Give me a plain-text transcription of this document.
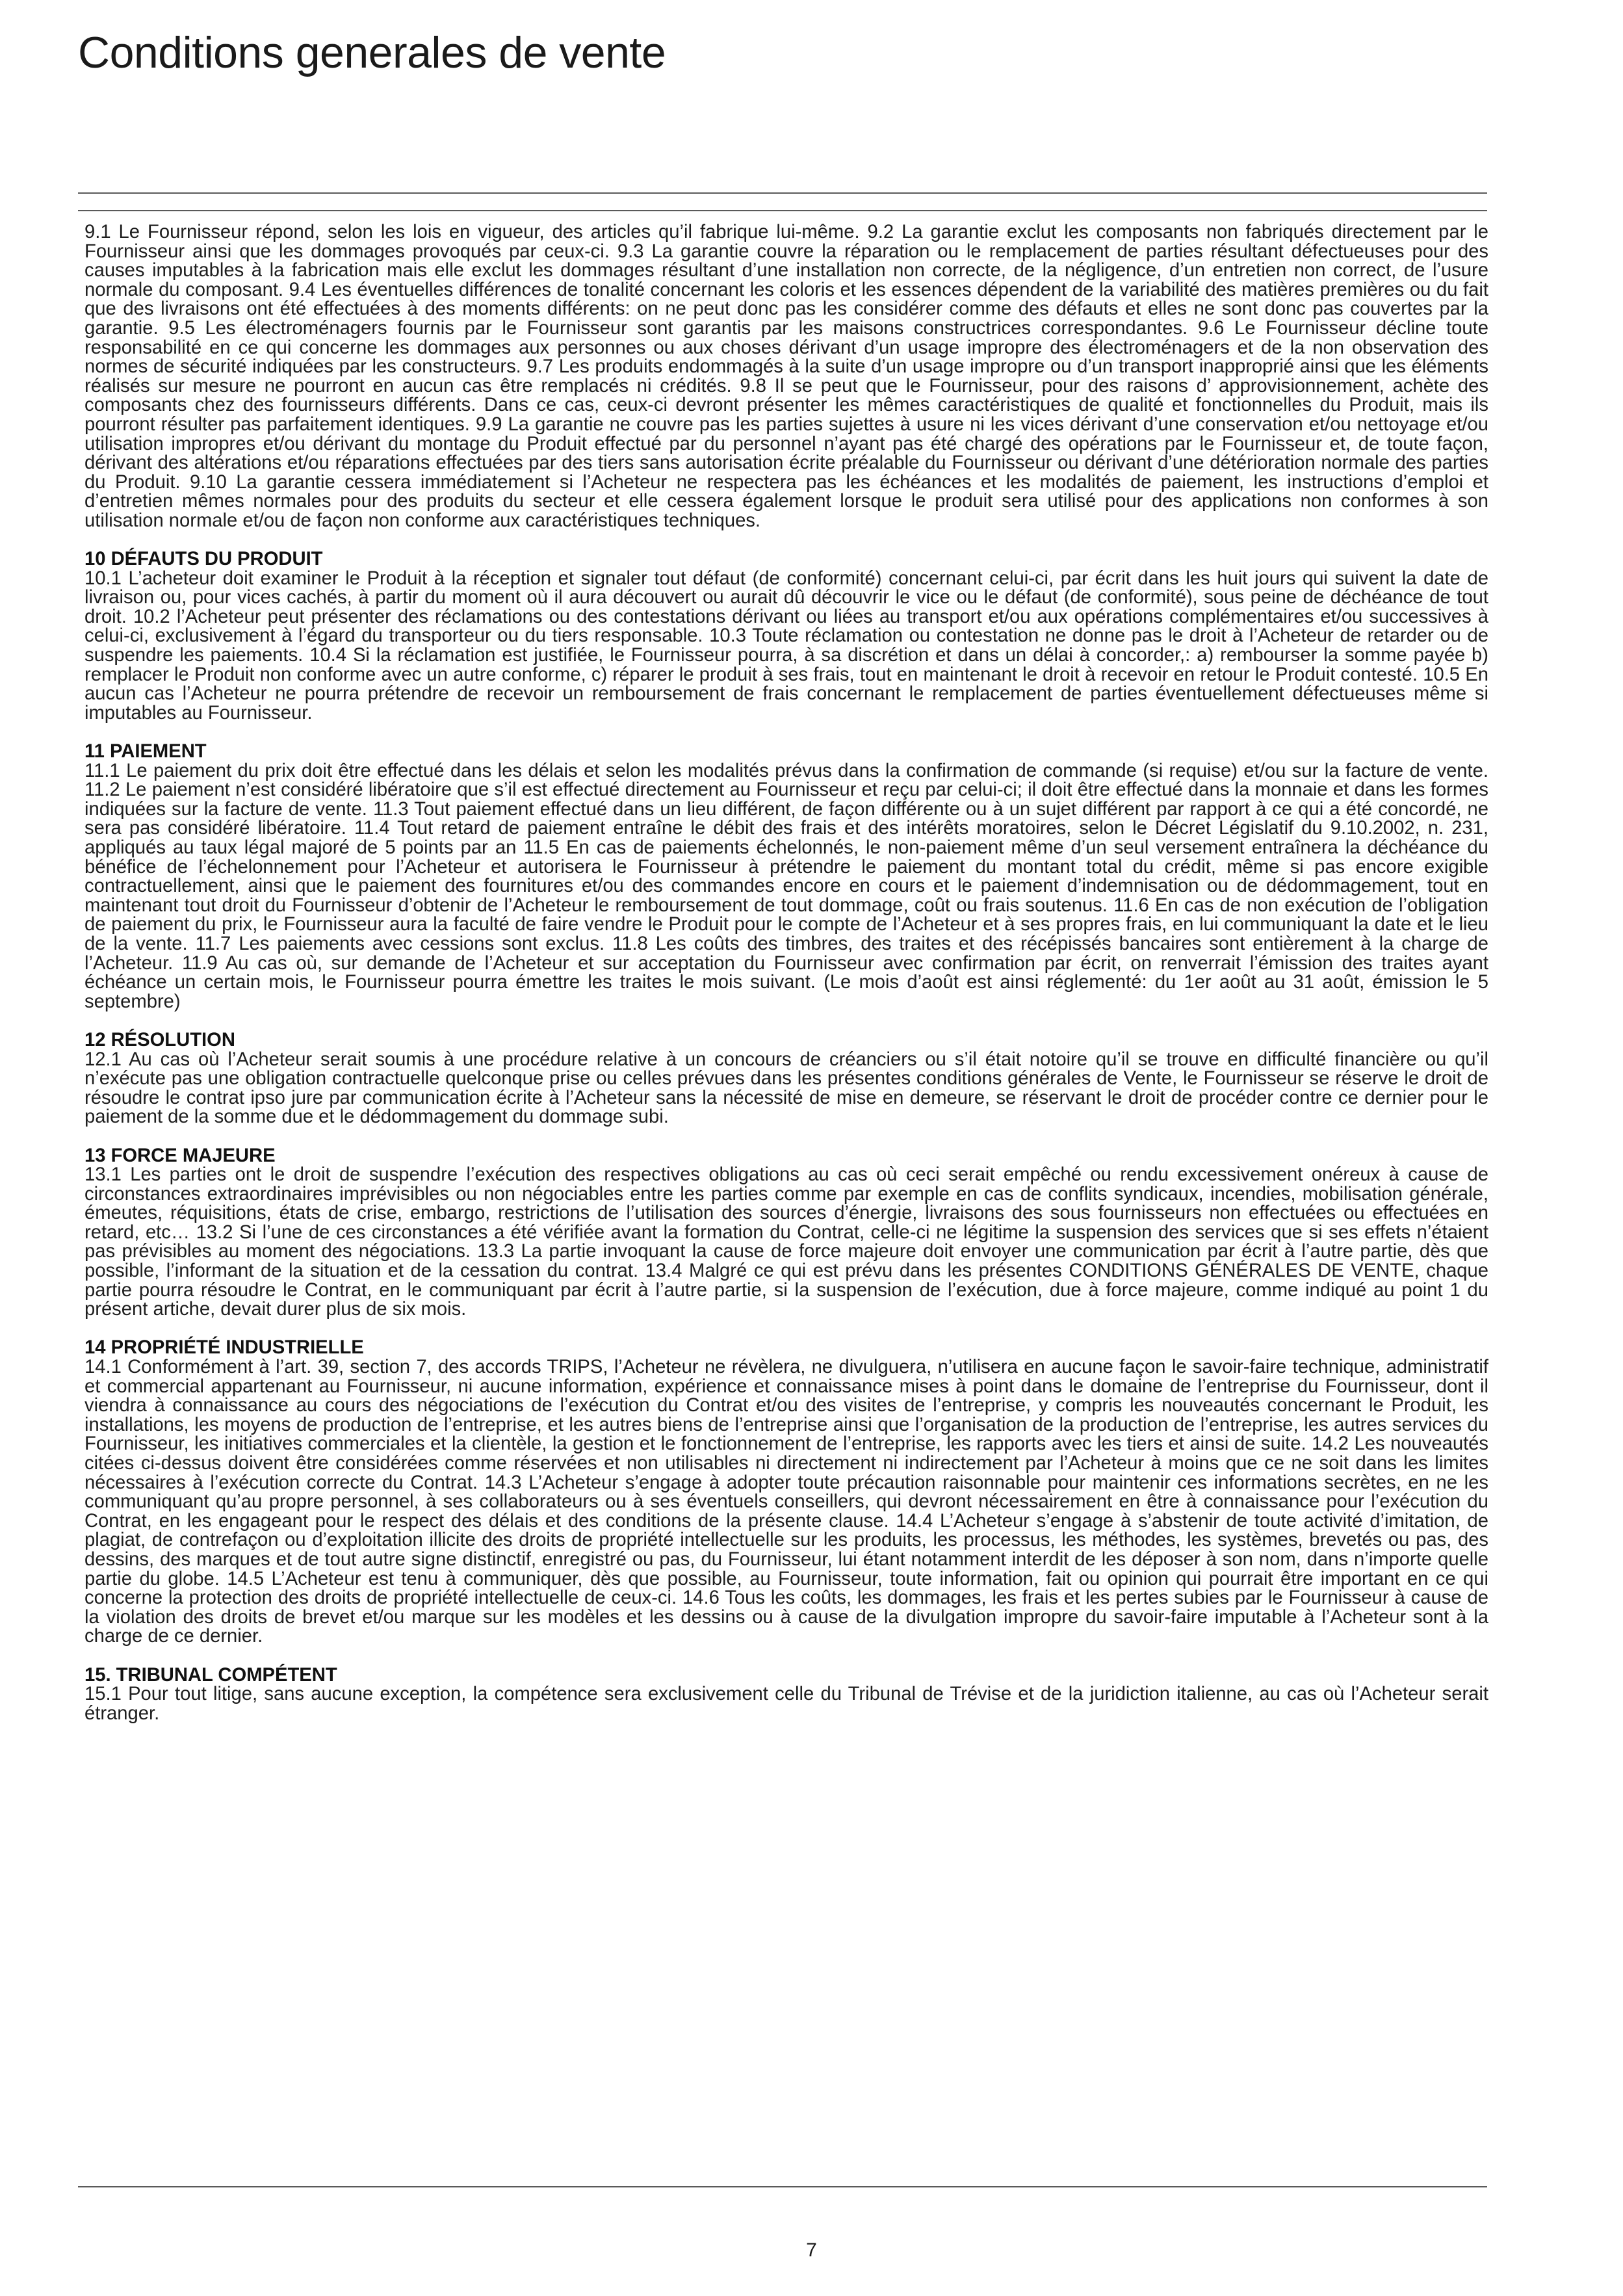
Conditions generales de vente

9.1 Le Fournisseur répond, selon les lois en vigueur, des articles qu’il fabrique lui-même. 9.2 La garantie exclut les composants non fabriqués directement par le Fournisseur ainsi que les dommages provoqués par ceux-ci. 9.3 La garantie couvre la réparation ou le remplacement de parties résultant défectueuses pour des causes imputables à la fabrication mais elle exclut les dommages résultant d’une installation non correcte, de la négligence, d’un entretien non correct, de l’usure normale du composant. 9.4 Les éventuelles différences de tonalité concernant les coloris et les essences dépendent de la variabilité des matières premières ou du fait que des livraisons ont été effectuées à des moments différents: on ne peut donc pas les considérer comme des défauts et elles ne sont donc pas couvertes par la garantie. 9.5 Les électroménagers fournis par le Fournisseur sont garantis par les maisons constructrices correspondantes. 9.6 Le Fournisseur décline toute responsabilité en ce qui concerne les dommages aux personnes ou aux choses dérivant d’un usage impropre des électroménagers et de la non observation des normes de sécurité indiquées par les constructeurs. 9.7 Les produits endommagés à la suite d’un usage impropre ou d’un transport inapproprié ainsi que les éléments réalisés sur mesure ne pourront en aucun cas être remplacés ni crédités. 9.8 Il se peut que le Fournisseur, pour des raisons d’ approvisionnement, achète des composants chez des fournisseurs différents. Dans ce cas, ceux-ci devront présenter les mêmes caractéristiques de qualité et fonctionnelles du Produit, mais ils pourront résulter pas parfaitement identiques. 9.9 La garantie ne couvre pas les parties sujettes à usure ni les vices dérivant d’une conservation et/ou nettoyage et/ou utilisation impropres et/ou dérivant du montage du Produit effectué par du personnel n’ayant pas été chargé des opérations par le Fournisseur et, de toute façon, dérivant des altérations et/ou réparations effectuées par des tiers sans autorisation écrite préalable du Fournisseur ou dérivant d’une détérioration normale des parties du Produit. 9.10 La garantie cessera immédiatement si l’Acheteur ne respectera pas les échéances et les modalités de paiement, les instructions d’emploi et d’entretien mêmes normales pour des produits du secteur et elle cessera également lorsque le produit sera utilisé pour des applications non conformes à son utilisation normale et/ou de façon non conforme aux caractéristiques techniques.

10 DÉFAUTS DU PRODUIT

10.1 L’acheteur doit examiner le Produit à la réception et signaler tout défaut (de conformité) concernant celui-ci, par écrit dans les huit jours qui suivent la date de livraison ou, pour vices cachés, à partir du moment où il aura découvert ou aurait dû découvrir le vice ou le défaut (de conformité), sous peine de déchéance de tout droit. 10.2 l’Acheteur peut présenter des réclamations ou des contestations dérivant ou liées au transport et/ou aux opérations complémentaires et/ou successives à celui-ci, exclusivement à l’égard du transporteur ou du tiers responsable. 10.3 Toute réclamation ou contestation ne donne pas le droit à l’Acheteur de retarder ou de suspendre les paiements. 10.4 Si la réclamation est justifiée, le Fournisseur pourra, à sa discrétion et dans un délai à concorder,: a) rembourser la somme payée b) remplacer le Produit non conforme avec un autre conforme, c) réparer le produit à ses frais, tout en maintenant le droit à recevoir en retour le Produit contesté. 10.5 En aucun cas l’Acheteur ne pourra prétendre de recevoir un remboursement de frais concernant le remplacement de parties éventuellement défectueuses même si imputables au Fournisseur.

11 PAIEMENT

11.1 Le paiement du prix doit être effectué dans les délais et selon les modalités prévus dans la confirmation de commande (si requise) et/ou sur la facture de vente. 11.2 Le paiement n’est considéré libératoire que s’il est effectué directement au Fournisseur et reçu par celui-ci; il doit être effectué dans la monnaie et dans les formes indiquées sur la facture de vente. 11.3 Tout paiement effectué dans un lieu différent, de façon différente ou à un sujet différent par rapport à ce qui a été concordé, ne sera pas considéré libératoire. 11.4 Tout retard de paiement entraîne le débit des frais et des intérêts moratoires, selon le Décret Législatif du 9.10.2002, n. 231, appliqués au taux légal majoré de 5 points par an 11.5 En cas de paiements échelonnés, le non-paiement même d’un seul versement entraînera la déchéance du bénéfice de l’échelonnement pour l’Acheteur et autorisera le Fournisseur à prétendre le paiement du montant total du crédit, même si pas encore exigible contractuellement, ainsi que le paiement des fournitures et/ou des commandes encore en cours et le paiement d’indemnisation ou de dédommagement, tout en maintenant tout droit du Fournisseur d’obtenir de l’Acheteur le remboursement de tout dommage, coût ou frais soutenus. 11.6 En cas de non exécution de l’obligation de paiement du prix, le Fournisseur aura la faculté de faire vendre le Produit pour le compte de l’Acheteur et à ses propres frais, en lui communiquant la date et le lieu de la vente. 11.7 Les paiements avec cessions sont exclus. 11.8 Les coûts des timbres, des traites et des récépissés bancaires sont entièrement à la charge de l’Acheteur. 11.9 Au cas où, sur demande de l’Acheteur et sur acceptation du Fournisseur avec confirmation par écrit, on renverrait l’émission des traites ayant échéance un certain mois, le Fournisseur pourra émettre les traites le mois suivant. (Le mois d’août est ainsi réglementé: du 1er août au 31 août, émission le 5 septembre)

12 RÉSOLUTION

12.1 Au cas où l’Acheteur serait soumis à une procédure relative à un concours de créanciers ou s’il était notoire qu’il se trouve en difficulté financière ou qu’il n’exécute pas une obligation contractuelle quelconque prise ou celles prévues dans les présentes conditions générales de Vente, le Fournisseur se réserve le droit de résoudre le contrat ipso jure par communication écrite à l’Acheteur sans la nécessité de mise en demeure, se réservant le droit de procéder contre ce dernier pour le paiement de la somme due et le dédommagement du dommage subi.

13 FORCE MAJEURE

13.1 Les parties ont le droit de suspendre l’exécution des respectives obligations au cas où ceci serait empêché ou rendu excessivement onéreux à cause de circonstances extraordinaires imprévisibles ou non négociables entre les parties comme par exemple en cas de conflits syndicaux, incendies, mobilisation générale, émeutes, réquisitions, états de crise, embargo, restrictions de l’utilisation des sources d’énergie, livraisons des sous fournisseurs non effectuées ou effectuées en retard, etc… 13.2 Si l’une de ces circonstances a été vérifiée avant la formation du Contrat, celle-ci ne légitime la suspension des services que si ses effets n’étaient pas prévisibles au moment des négociations. 13.3 La partie invoquant la cause de force majeure doit envoyer une communication par écrit à l’autre partie, dès que possible, l’informant de la situation et de la cessation du contrat. 13.4 Malgré ce qui est prévu dans les présentes CONDITIONS GÉNÉRALES DE VENTE, chaque partie pourra résoudre le Contrat, en le communiquant par écrit à l’autre partie, si la suspension de l’exécution, due à force majeure, comme indiqué au point 1 du présent artiche, devait durer plus de six mois.

14 PROPRIÉTÉ INDUSTRIELLE

14.1 Conformément à l’art. 39, section 7, des accords TRIPS, l’Acheteur ne révèlera, ne divulguera, n’utilisera en aucune façon le savoir-faire technique, administratif et commercial appartenant au Fournisseur, ni aucune information, expérience et connaissance mises à point dans le domaine de l’entreprise du Fournisseur, dont il viendra à connaissance au cours des négociations de l’exécution du Contrat et/ou des visites de l’entreprise, y compris les nouveautés concernant le Produit, les installations, les moyens de production de l’entreprise, et les autres biens de l’entreprise ainsi que l’organisation de la production de l’entreprise, les autres services du Fournisseur, les initiatives commerciales et la clientèle, la gestion et le fonctionnement de l’entreprise, les rapports avec les tiers et ainsi de suite. 14.2 Les nouveautés citées ci-dessus doivent être considérées comme réservées et non utilisables ni directement ni indirectement par l’Acheteur à moins que ce ne soit dans les limites nécessaires à l’exécution correcte du Contrat. 14.3 L’Acheteur s’engage à adopter toute précaution raisonnable pour maintenir ces informations secrètes, en ne les communiquant qu’au propre personnel, à ses collaborateurs ou à ses éventuels conseillers, qui devront nécessairement en être à connaissance pour l’exécution du Contrat, en les engageant pour le respect des délais et des conditions de la présente clause. 14.4 L’Acheteur s’engage à s’abstenir de toute activité d’imitation, de plagiat, de contrefaçon ou d’exploitation illicite des droits de propriété intellectuelle sur les produits, les processus, les méthodes, les systèmes, brevetés ou pas, des dessins, des marques et de tout autre signe distinctif, enregistré ou pas, du Fournisseur, lui étant notamment interdit de les déposer à son nom, dans n’importe quelle partie du globe. 14.5 L’Acheteur est tenu à communiquer, dès que possible, au Fournisseur, toute information, fait ou opinion qui pourrait être important en ce qui concerne la protection des droits de propriété intellectuelle de ceux-ci. 14.6 Tous les coûts, les dommages, les frais et les pertes subies par le Fournisseur à cause de la violation des droits de brevet et/ou marque sur les modèles et les dessins ou à cause de la divulgation impropre du savoir-faire imputable à l’Acheteur sont à la charge de ce dernier.

15. TRIBUNAL COMPÉTENT

15.1 Pour tout litige, sans aucune exception, la compétence sera exclusivement celle du Tribunal de Trévise et de la juridiction italienne, au cas où l’Acheteur serait étranger.

7
